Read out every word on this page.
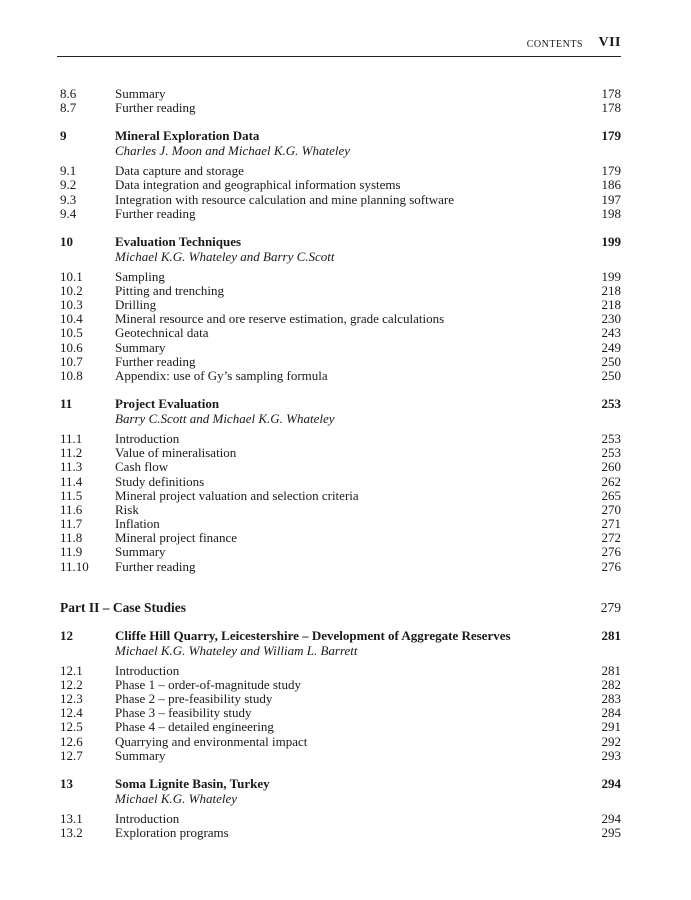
CONTENTS VII
8.6	Summary	178
8.7	Further reading	178
9	Mineral Exploration Data	179
Charles J. Moon and Michael K.G. Whateley
9.1	Data capture and storage	179
9.2	Data integration and geographical information systems	186
9.3	Integration with resource calculation and mine planning software	197
9.4	Further reading	198
10	Evaluation Techniques	199
Michael K.G. Whateley and Barry C.Scott
10.1 Sampling	199
10.2 Pitting and trenching	218
10.3 Drilling	218
10.4 Mineral resource and ore reserve estimation, grade calculations	230
10.5 Geotechnical data	243
10.6 Summary	249
10.7 Further reading	250
10.8 Appendix: use of Gy’s sampling formula	250
11	Project Evaluation	253
Barry C.Scott and Michael K.G. Whateley
11.1	Introduction	253
11.2	Value of mineralisation	253
11.3	Cash flow	260
11.4	Study definitions	262
11.5	Mineral project valuation and selection criteria	265
11.6	Risk	270
11.7	Inflation	271
11.8	Mineral project finance	272
11.9	Summary	276
11.10 Further reading	276
Part II – Case Studies	279
12	Cliffe Hill Quarry, Leicestershire – Development of Aggregate Reserves	281
Michael K.G. Whateley and William L. Barrett
12.1 Introduction	281
12.2 Phase 1 – order-of-magnitude study	282
12.3 Phase 2 – pre-feasibility study	283
12.4 Phase 3 – feasibility study	284
12.5 Phase 4 – detailed engineering	291
12.6 Quarrying and environmental impact	292
12.7 Summary	293
13	Soma Lignite Basin, Turkey	294
Michael K.G. Whateley
13.1 Introduction	294
13.2 Exploration programs	295
